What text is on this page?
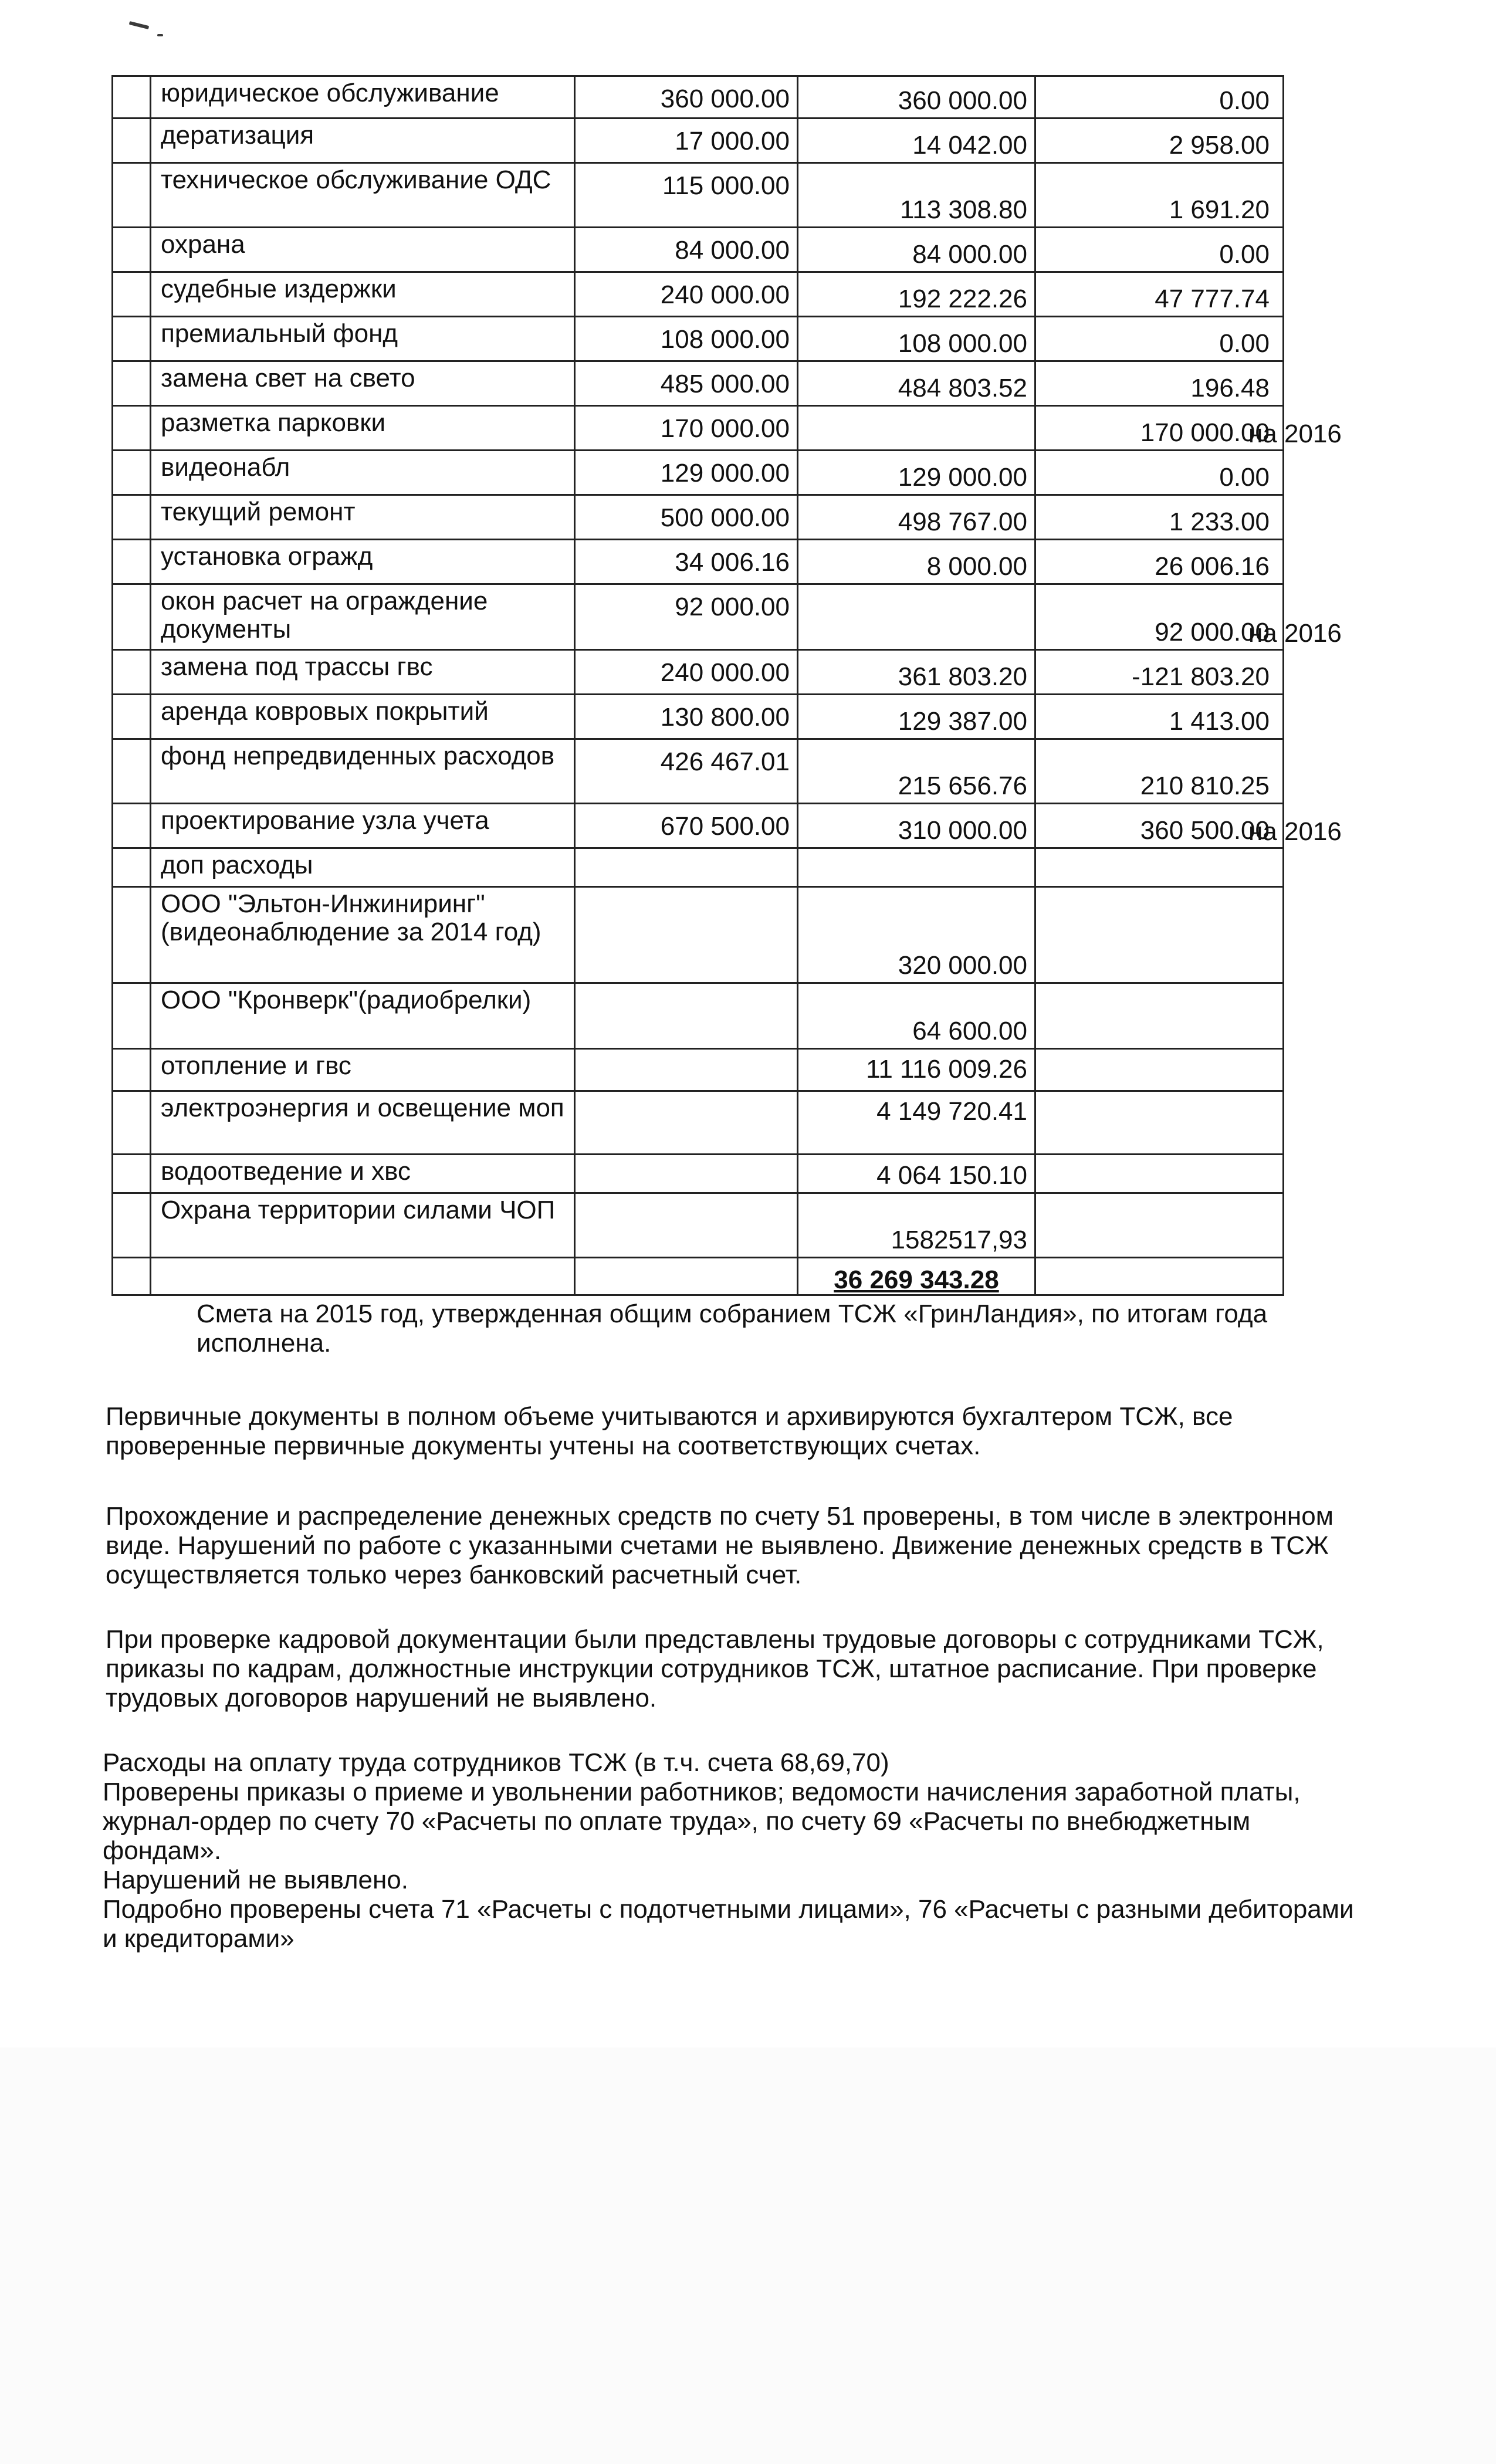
	юридическое обслуживание	360 000.00	360 000.00	0.00
	дератизация	17 000.00	14 042.00	2 958.00
	техническое обслуживание ОДС	115 000.00	113 308.80	1 691.20
	охрана	84 000.00	84 000.00	0.00
	судебные издержки	240 000.00	192 222.26	47 777.74
	премиальный фонд	108 000.00	108 000.00	0.00
	замена свет на свето	485 000.00	484 803.52	196.48
	разметка парковки	170 000.00		170 000.00
	видеонабл	129 000.00	129 000.00	0.00
	текущий ремонт	500 000.00	498 767.00	1 233.00
	установка огражд	34 006.16	8 000.00	26 006.16
	окон расчет на ограждение документы	92 000.00		92 000.00
	замена под трассы гвс	240 000.00	361 803.20	-121 803.20
	аренда ковровых покрытий	130 800.00	129 387.00	1 413.00
	фонд непредвиденных расходов	426 467.01	215 656.76	210 810.25
	проектирование узла учета	670 500.00	310 000.00	360 500.00
	доп расходы			
	ООО "Эльтон-Инжиниринг" (видеонаблюдение за 2014 год)		320 000.00	
	ООО "Кронверк"(радиобрелки)		64 600.00	
	отопление и гвс		11 116 009.26	
	электроэнергия и освещение моп		4 149 720.41	
	водоотведение и хвс		4 064 150.10	
	Охрана территории силами ЧОП		1582517,93	
			36 269 343.28	
на 2016
на 2016
на 2016

Смета на 2015 год, утвержденная общим собранием ТСЖ «ГринЛандия», по итогам года исполнена.

Первичные документы в полном объеме учитываются и архивируются бухгалтером ТСЖ, все проверенные первичные документы учтены на соответствующих счетах.

Прохождение и распределение денежных средств по счету 51 проверены, в том числе в электронном виде. Нарушений по работе с указанными счетами не выявлено. Движение денежных средств в ТСЖ осуществляется только через банковский расчетный счет.

При проверке кадровой документации были представлены трудовые договоры с сотрудниками ТСЖ, приказы по кадрам, должностные инструкции сотрудников ТСЖ, штатное расписание. При проверке трудовых договоров нарушений не выявлено.

Расходы на оплату труда сотрудников ТСЖ (в т.ч. счета 68,69,70)

Проверены приказы о приеме и увольнении работников; ведомости начисления заработной платы, журнал-ордер по счету 70 «Расчеты по оплате труда», по счету 69 «Расчеты по внебюджетным фондам».

Нарушений не выявлено.

Подробно проверены счета 71 «Расчеты с подотчетными лицами», 76 «Расчеты с разными дебиторами и кредиторами»
